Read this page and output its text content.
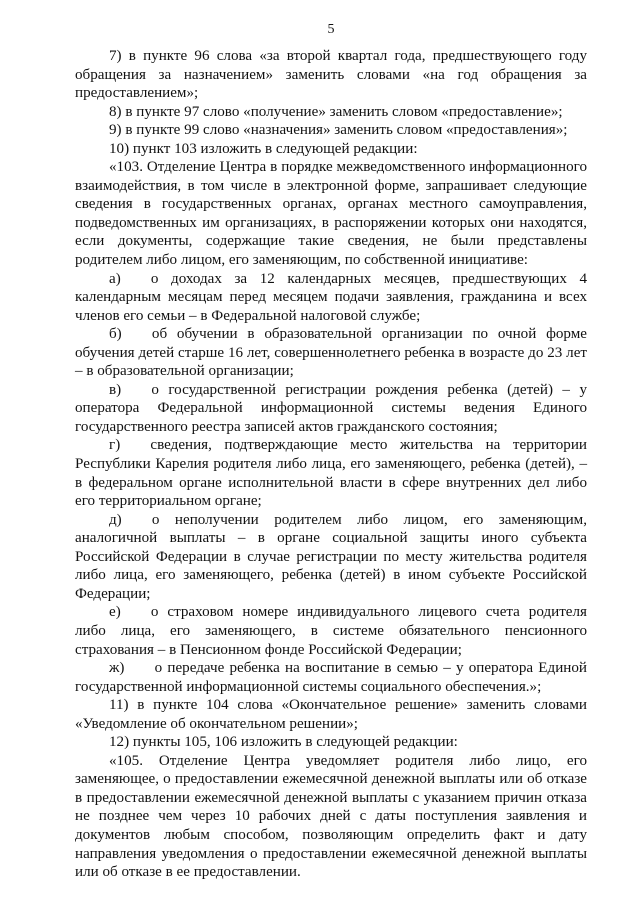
5

7) в пункте 96 слова «за второй квартал года, предшествующего году обращения за назначением» заменить словами «на год обращения за предоставлением»;

8) в пункте 97 слово «получение» заменить словом «предоставление»;

9) в пункте 99 слово «назначения» заменить словом «предоставления»;

10) пункт 103 изложить в следующей редакции:

«103. Отделение Центра в порядке межведомственного информационного взаимодействия, в том числе в электронной форме, запрашивает следующие сведения в государственных органах, органах местного самоуправления, подведомственных им организациях, в распоряжении которых они находятся, если документы, содержащие такие сведения, не были представлены родителем либо лицом, его заменяющим, по собственной инициативе:

а)  о доходах за 12 календарных месяцев, предшествующих 4 календарным месяцам перед месяцем подачи заявления, гражданина и всех членов его семьи – в Федеральной налоговой службе;

б)  об обучении в образовательной организации по очной форме обучения детей старше 16 лет, совершеннолетнего ребенка в возрасте до 23 лет – в образовательной организации;

в)  о государственной регистрации рождения ребенка (детей) – у оператора Федеральной информационной системы ведения Единого государственного реестра записей актов гражданского состояния;

г)  сведения, подтверждающие место жительства на территории Республики Карелия родителя либо лица, его заменяющего, ребенка (детей), – в федеральном органе исполнительной власти в сфере внутренних дел либо его территориальном органе;

д)  о неполучении родителем либо лицом, его заменяющим, аналогичной выплаты – в органе социальной защиты иного субъекта Российской Федерации в случае регистрации по месту жительства родителя либо лица, его заменяющего, ребенка (детей) в ином субъекте Российской Федерации;

е)  о страховом номере индивидуального лицевого счета родителя либо лица, его заменяющего, в системе обязательного пенсионного страхования – в Пенсионном фонде Российской Федерации;

ж)  о передаче ребенка на воспитание в семью – у оператора Единой государственной информационной системы социального обеспечения.»;

11) в пункте 104 слова «Окончательное решение» заменить словами «Уведомление об окончательном решении»;

12) пункты 105, 106 изложить в следующей редакции:

«105. Отделение Центра уведомляет родителя либо лицо, его заменяющее, о предоставлении ежемесячной денежной выплаты или об отказе в предоставлении ежемесячной денежной выплаты с указанием причин отказа не позднее чем через 10 рабочих дней с даты поступления заявления и документов любым способом, позволяющим определить факт и дату направления уведомления о предоставлении ежемесячной денежной выплаты или об отказе в ее предоставлении.
